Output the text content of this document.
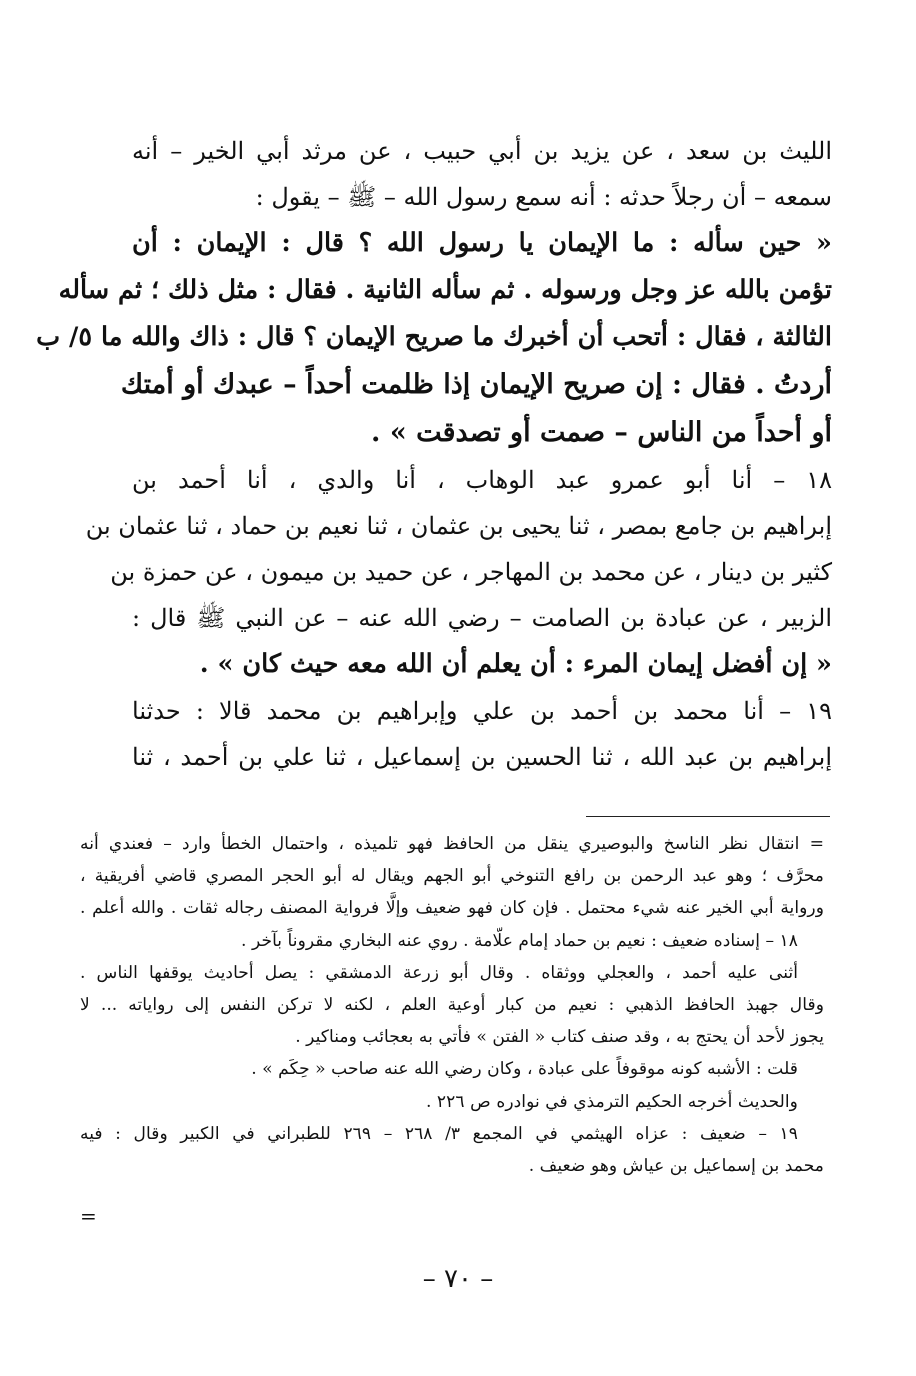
الليث بن سعد ، عن يزيد بن أبي حبيب ، عن مرثد أبي الخير – أنه
سمعه – أن رجلاً حدثه : أنه سمع رسول الله – ﷺ – يقول :
« حين سأله : ما الإيمان يا رسول الله ؟ قال : الإيمان : أن
تؤمن بالله عز وجل ورسوله . ثم سأله الثانية . فقال : مثل ذلك ؛ ثم سأله
الثالثة ، فقال : أتحب أن أخبرك ما صريح الإيمان ؟ قال : ذاك والله ما ٥/ ب
أردتُ . فقال : إن صريح الإيمان إذا ظلمت أحداً – عبدك أو أمتك
أو أحداً من الناس – صمت أو تصدقت » .
١٨ – أنا أبو عمرو عبد الوهاب ، أنا والدي ، أنا أحمد بن
إبراهيم بن جامع بمصر ، ثنا يحيى بن عثمان ، ثنا نعيم بن حماد ، ثنا عثمان بن
كثير بن دينار ، عن محمد بن المهاجر ، عن حميد بن ميمون ، عن حمزة بن
الزبير ، عن عبادة بن الصامت – رضي الله عنه – عن النبي ﷺ قال :
« إن أفضل إيمان المرء : أن يعلم أن الله معه حيث كان » .
١٩ – أنا محمد بن أحمد بن علي وإبراهيم بن محمد قالا : حدثنا
إبراهيم بن عبد الله ، ثنا الحسين بن إسماعيل ، ثنا علي بن أحمد ، ثنا
= انتقال نظر الناسخ والبوصيري ينقل من الحافظ فهو تلميذه ، واحتمال الخطأ وارد – فعندي أنه
محرَّف ؛ وهو عبد الرحمن بن رافع التنوخي أبو الجهم ويقال له أبو الحجر المصري قاضي أفريقية ،
ورواية أبي الخير عنه شيء محتمل . فإن كان فهو ضعيف وإلَّا فرواية المصنف رجاله ثقات . والله أعلم .
١٨ – إسناده ضعيف : نعيم بن حماد إمام علّامة . روي عنه البخاري مقروناً بآخر .
أثنى عليه أحمد ، والعجلي ووثقاه . وقال أبو زرعة الدمشقي : يصل أحاديث يوقفها الناس .
وقال جهبذ الحافظ الذهبي : نعيم من كبار أوعية العلم ، لكنه لا تركن النفس إلى رواياته ... لا
يجوز لأحد أن يحتج به ، وقد صنف كتاب « الفتن » فأتي به بعجائب ومناكير .
قلت : الأشبه كونه موقوفاً على عبادة ، وكان رضي الله عنه صاحب « حِكَم » .
والحديث أخرجه الحكيم الترمذي في نوادره ص ٢٢٦ .
١٩ – ضعيف : عزاه الهيثمي في المجمع ٣/ ٢٦٨ – ٢٦٩ للطبراني في الكبير وقال : فيه
محمد بن إسماعيل بن عياش وهو ضعيف .
=
– ٧٠ –
